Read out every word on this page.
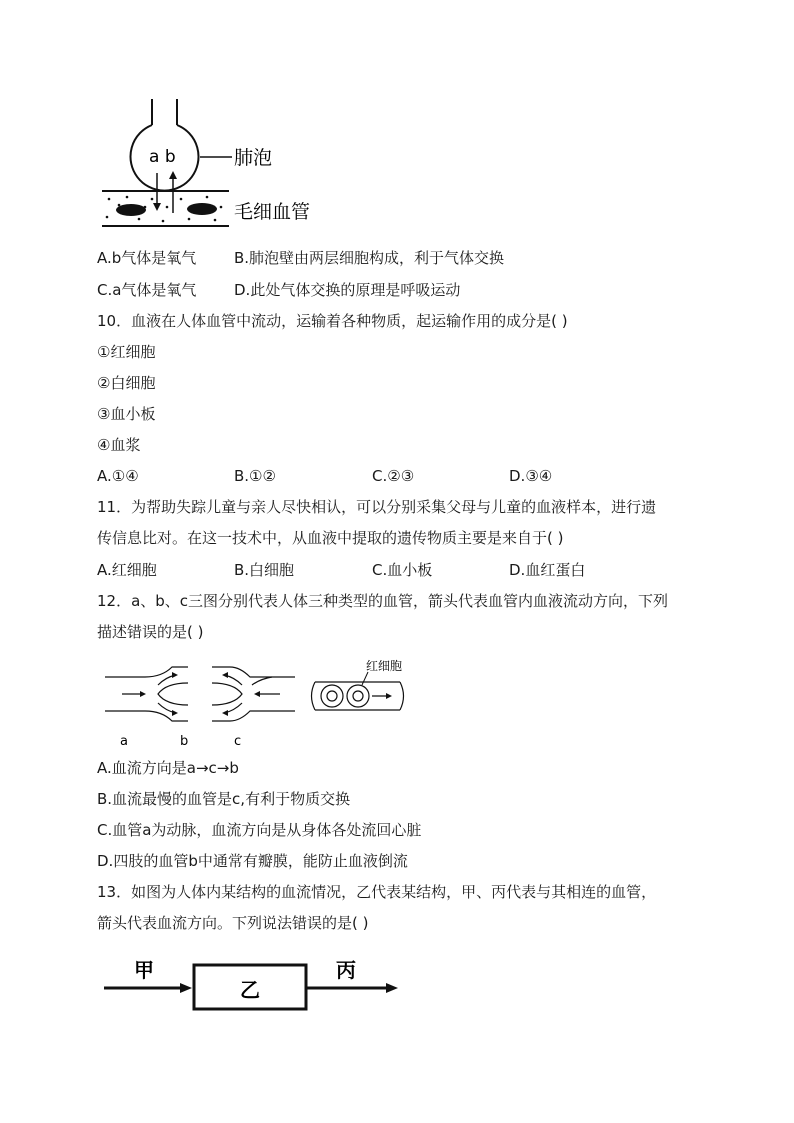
a b	肺泡
毛细血管
A.b气体是氧气	B.肺泡壁由两层细胞构成，利于气体交换
C.a气体是氧气	D.此处气体交换的原理是呼吸运动
10．血液在人体血管中流动，运输着各种物质，起运输作用的成分是( )
①红细胞
②白细胞
③血小板
④血浆
A.①④	B.①②	C.②③	D.③④
11．为帮助失踪儿童与亲人尽快相认，可以分别采集父母与儿童的血液样本，进行遗
传信息比对。在这一技术中，从血液中提取的遗传物质主要是来自于( )
A.红细胞	B.白细胞	C.血小板	D.血红蛋白
12．a、b、c三图分别代表人体三种类型的血管，箭头代表血管内血液流动方向，下列
描述错误的是( )
a	b	c
红细胞
A.血流方向是a→c→b
B.血流最慢的血管是c,有利于物质交换
C.血管a为动脉，血流方向是从身体各处流回心脏
D.四肢的血管b中通常有瓣膜，能防止血液倒流
13．如图为人体内某结构的血流情况，乙代表某结构，甲、丙代表与其相连的血管，
箭头代表血流方向。下列说法错误的是( )
甲
乙
丙
